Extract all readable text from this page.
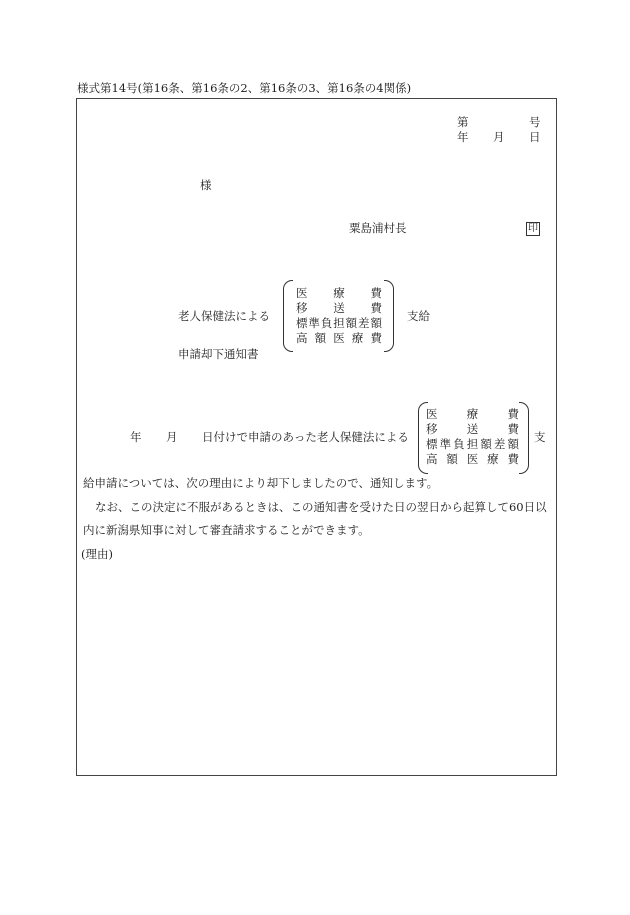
様式第14号(第16条、第16条の2、第16条の3、第16条の4関係)
第	号
年 月 日
様
粟島浦村長	印
老人保健法による
医 療 費
移 送 費
標 準 負 担 額 差 額
高 額 医 療 費
支給
申請却下通知書
年 月 日付けで申請のあった老人保健法による
医	療	費
移	送	費
標 準 負 担 額 差 額
高 額 医 療 費
支
給申請については、次の理由により却下しましたので、通知します。
なお、この決定に不服があるときは、この通知書を受けた日の翌日から起算して60日以
内に新潟県知事に対して審査請求することができます。
(理由)
